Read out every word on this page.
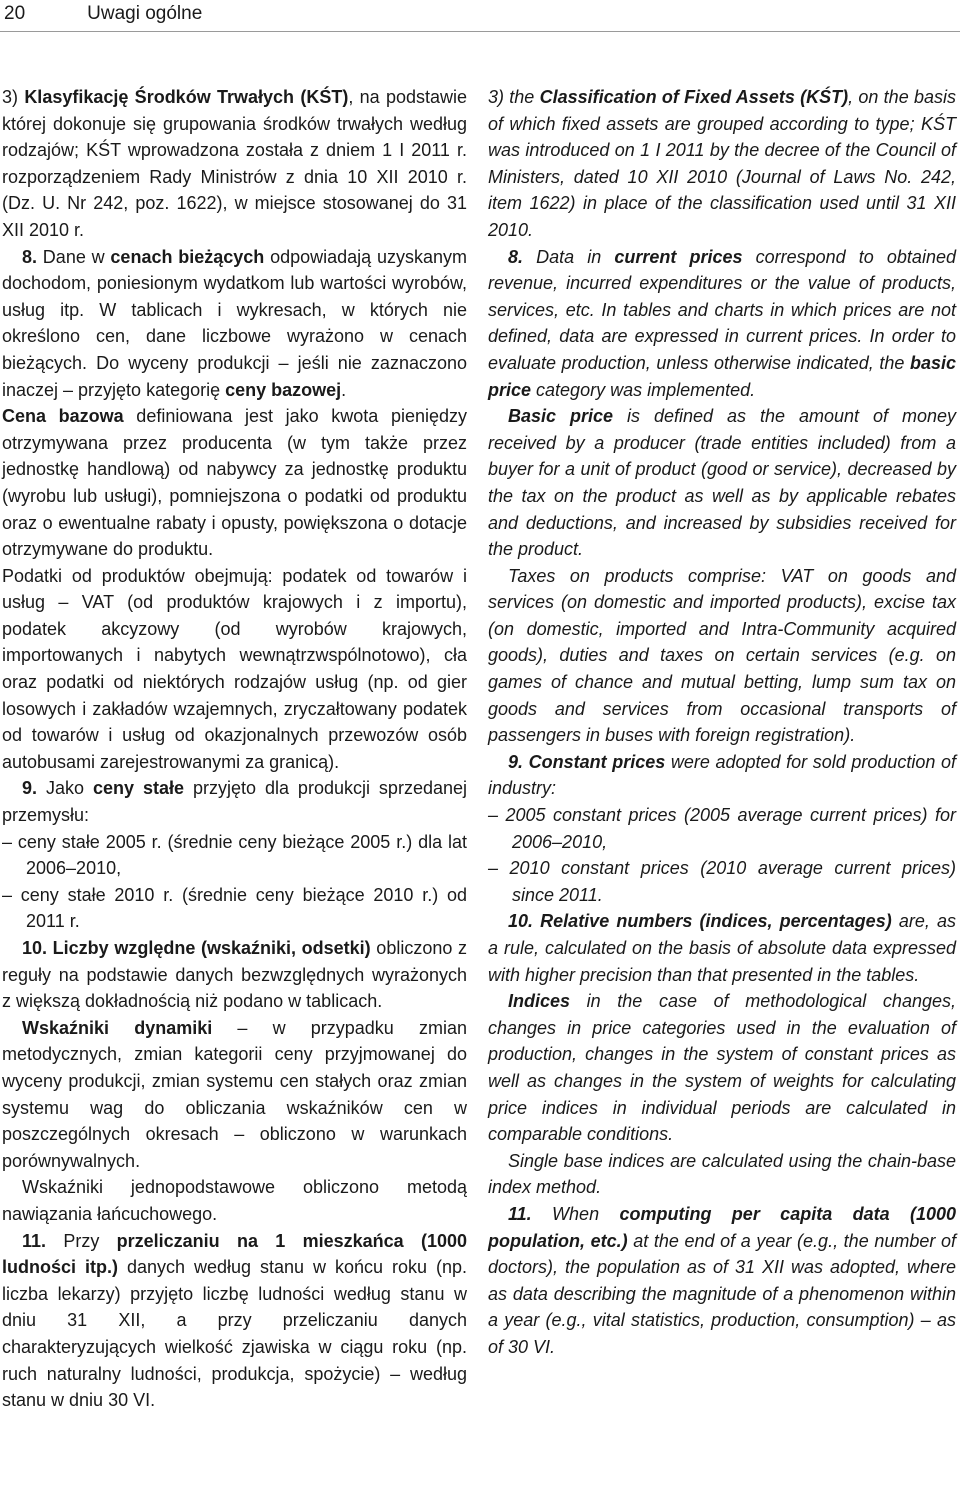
20	Uwagi ogólne

3) Klasyfikację Środków Trwałych (KŚT), na podstawie której dokonuje się grupowania środków trwałych według rodzajów; KŚT wprowadzona została z dniem 1 I 2011 r. rozporządzeniem Rady Ministrów z dnia 10 XII 2010 r. (Dz. U. Nr 242, poz. 1622), w miejsce stosowanej do 31 XII 2010 r.

8. Dane w cenach bieżących odpowiadają uzyskanym dochodom, poniesionym wydatkom lub wartości wyrobów, usług itp. W tablicach i wykresach, w których nie określono cen, dane liczbowe wyrażono w cenach bieżących. Do wyceny produkcji – jeśli nie zaznaczono inaczej – przyjęto kategorię ceny bazowej.

Cena bazowa definiowana jest jako kwota pieniędzy otrzymywana przez producenta (w tym także przez jednostkę handlową) od nabywcy za jednostkę produktu (wyrobu lub usługi), pomniejszona o podatki od produktu oraz o ewentualne rabaty i opusty, powiększona o dotacje otrzymywane do produktu.

Podatki od produktów obejmują: podatek od towarów i usług – VAT (od produktów krajowych i z importu), podatek akcyzowy (od wyrobów krajowych, importowanych i nabytych wewnątrzwspólnotowo), cła oraz podatki od niektórych rodzajów usług (np. od gier losowych i zakładów wzajemnych, zryczałtowany podatek od towarów i usług od okazjonalnych przewozów osób autobusami zarejestrowanymi za granicą).

9. Jako ceny stałe przyjęto dla produkcji sprzedanej przemysłu:

– ceny stałe 2005 r. (średnie ceny bieżące 2005 r.) dla lat 2006–2010,

– ceny stałe 2010 r. (średnie ceny bieżące 2010 r.) od 2011 r.

10. Liczby względne (wskaźniki, odsetki) obliczono z reguły na podstawie danych bezwzględnych wyrażonych z większą dokładnością niż podano w tablicach.

Wskaźniki dynamiki – w przypadku zmian metodycznych, zmian kategorii ceny przyjmowanej do wyceny produkcji, zmian systemu cen stałych oraz zmian systemu wag do obliczania wskaźników cen w poszczególnych okresach – obliczono w warunkach porównywalnych.

Wskaźniki jednopodstawowe obliczono metodą nawiązania łańcuchowego.

11. Przy przeliczaniu na 1 mieszkańca (1000 ludności itp.) danych według stanu w końcu roku (np. liczba lekarzy) przyjęto liczbę ludności według stanu w dniu 31 XII, a przy przeliczaniu danych charakteryzujących wielkość zjawiska w ciągu roku (np. ruch naturalny ludności, produkcja, spożycie) – według stanu w dniu 30 VI.

3) the Classification of Fixed Assets (KŚT), on the basis of which fixed assets are grouped according to type; KŚT was introduced on 1 I 2011 by the decree of the Council of Ministers, dated 10 XII 2010 (Journal of Laws No. 242, item 1622) in place of the classification used until 31 XII 2010.

8. Data in current prices correspond to obtained revenue, incurred expenditures or the value of products, services, etc. In tables and charts in which prices are not defined, data are expressed in current prices. In order to evaluate production, unless otherwise indicated, the basic price category was implemented.

Basic price is defined as the amount of money received by a producer (trade entities included) from a buyer for a unit of product (good or service), decreased by the tax on the product as well as by applicable rebates and deductions, and increased by subsidies received for the product.

Taxes on products comprise: VAT on goods and services (on domestic and imported products), excise tax (on domestic, imported and Intra-Community acquired goods), duties and taxes on certain services (e.g. on games of chance and mutual betting, lump sum tax on goods and services from occasional transports of passengers in buses with foreign registration).

9. Constant prices were adopted for sold production of industry:

– 2005 constant prices (2005 average current prices) for 2006–2010,

– 2010 constant prices (2010 average current prices) since 2011.

10. Relative numbers (indices, percentages) are, as a rule, calculated on the basis of absolute data expressed with higher precision than that presented in the tables.

Indices in the case of methodological changes, changes in price categories used in the evaluation of production, changes in the system of constant prices as well as changes in the system of weights for calculating price indices in individual periods are calculated in comparable conditions.

Single base indices are calculated using the chain-base index method.

11. When computing per capita data (1000 population, etc.) at the end of a year (e.g., the number of doctors), the population as of 31 XII was adopted, where as data describing the magnitude of a phenomenon within a year (e.g., vital statistics, production, consumption) – as of 30 VI.
